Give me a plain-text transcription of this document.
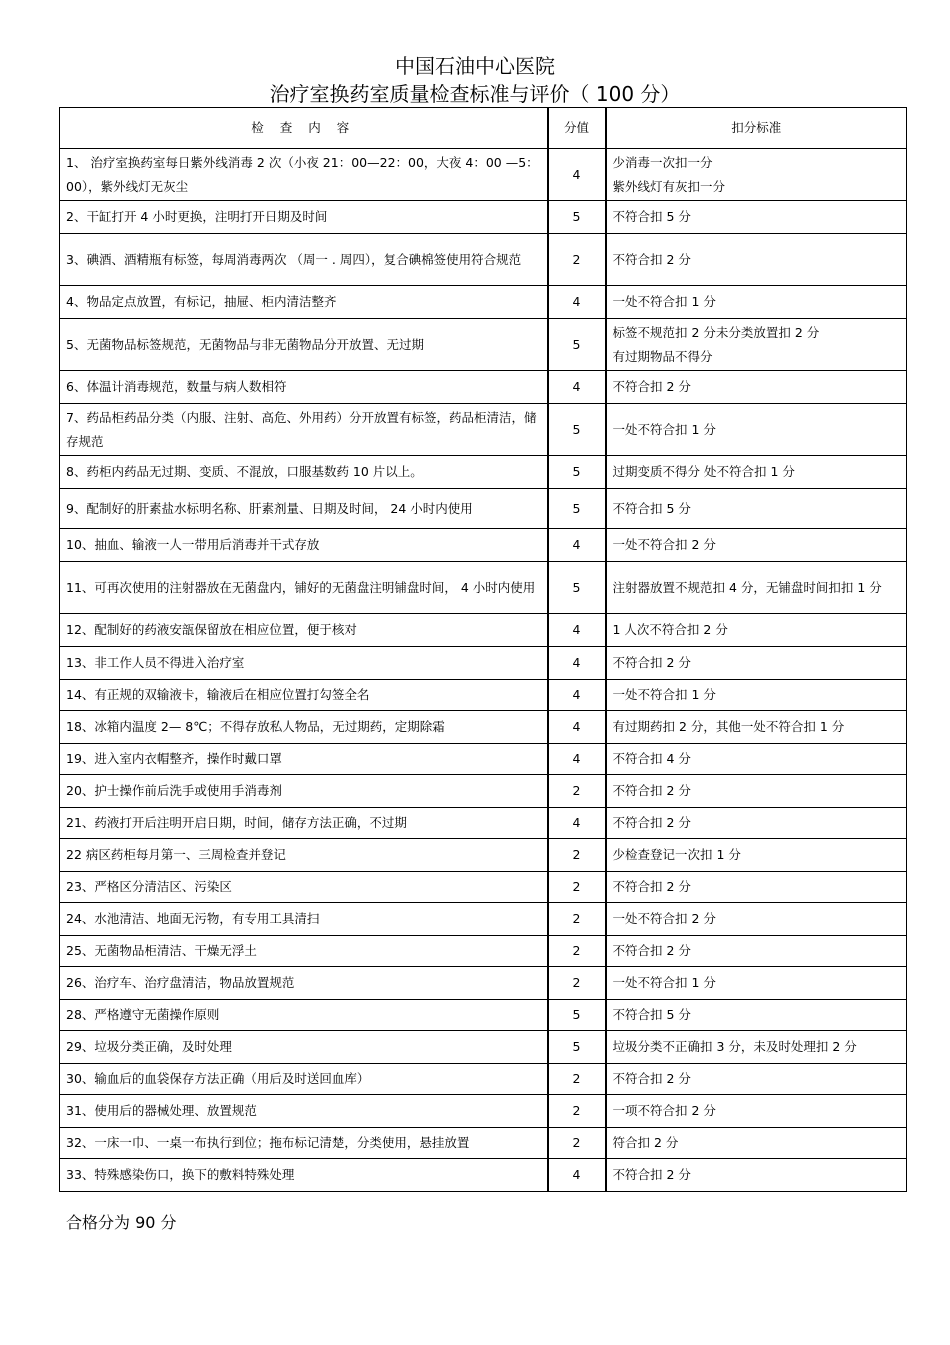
中国石油中心医院
治疗室换药室质量检查标准与评价（ 100 分）
检 查 内 容	分值	扣分标准
1、 治疗室换药室每日紫外线消毒 2 次（小夜 21：00—22：00，大夜 4：00 —5：00），紫外线灯无灰尘	4	少消毒一次扣一分
紫外线灯有灰扣一分
2、干缸打开 4 小时更换，注明打开日期及时间	5	不符合扣 5 分
3、碘酒、酒精瓶有标签，每周消毒两次 （周一 . 周四），复合碘棉签使用符合规范	2	不符合扣 2 分
4、物品定点放置，有标记，抽屉、柜内清洁整齐	4	一处不符合扣 1 分
5、无菌物品标签规范，无菌物品与非无菌物品分开放置、无过期	5	标签不规范扣 2 分未分类放置扣 2 分
有过期物品不得分
6、体温计消毒规范，数量与病人数相符	4	不符合扣 2 分
7、药品柜药品分类（内服、注射、高危、外用药）分开放置有标签，药品柜清洁，储存规范	5	一处不符合扣 1 分
8、药柜内药品无过期、变质、不混放，口服基数药 10 片以上。	5	过期变质不得分 处不符合扣 1 分
9、配制好的肝素盐水标明名称、肝素剂量、日期及时间， 24 小时内使用	5	不符合扣 5 分
10、抽血、输液一人一带用后消毒并干式存放	4	一处不符合扣 2 分
11、可再次使用的注射器放在无菌盘内，铺好的无菌盘注明铺盘时间， 4 小时内使用	5	注射器放置不规范扣 4 分，无铺盘时间扣扣 1 分
12、配制好的药液安瓿保留放在相应位置，便于核对	4	1 人次不符合扣 2 分
13、非工作人员不得进入治疗室	4	不符合扣 2 分
14、有正规的双输液卡，输液后在相应位置打勾签全名	4	一处不符合扣 1 分
18、冰箱内温度 2— 8℃；不得存放私人物品，无过期药，定期除霜	4	有过期药扣 2 分，其他一处不符合扣 1 分
19、进入室内衣帽整齐，操作时戴口罩	4	不符合扣 4 分
20、护士操作前后洗手或使用手消毒剂	2	不符合扣 2 分
21、药液打开后注明开启日期，时间，储存方法正确，不过期	4	不符合扣 2 分
22 病区药柜每月第一、三周检查并登记	2	少检查登记一次扣 1 分
23、严格区分清洁区、污染区	2	不符合扣 2 分
24、水池清洁、地面无污物，有专用工具清扫	2	一处不符合扣 2 分
25、无菌物品柜清洁、干燥无浮土	2	不符合扣 2 分
26、治疗车、治疗盘清洁，物品放置规范	2	一处不符合扣 1 分
28、严格遵守无菌操作原则	5	不符合扣 5 分
29、垃圾分类正确，及时处理	5	垃圾分类不正确扣 3 分，未及时处理扣 2 分
30、输血后的血袋保存方法正确（用后及时送回血库）	2	不符合扣 2 分
31、使用后的器械处理、放置规范	2	一项不符合扣 2 分
32、一床一巾、一桌一布执行到位；拖布标记清楚，分类使用，悬挂放置	2	符合扣 2 分
33、特殊感染伤口，换下的敷料特殊处理	4	不符合扣 2 分
合格分为 90 分
